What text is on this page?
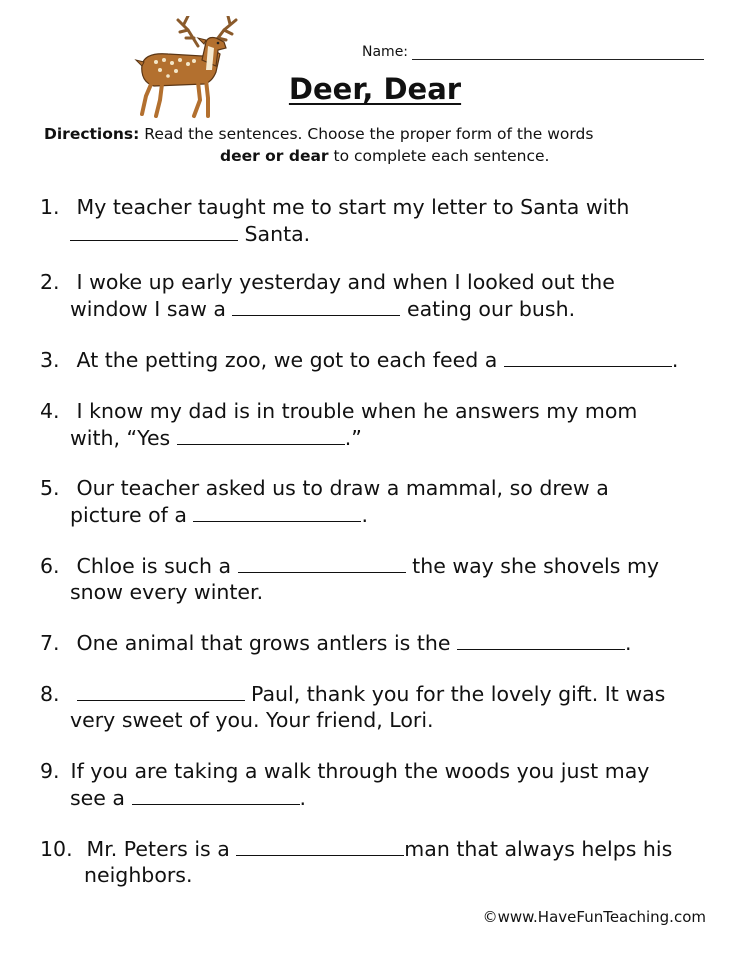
Name:
Deer, Dear
Directions: Read the sentences. Choose the proper form of the words
deer or dear to complete each sentence.
1. My teacher taught me to start my letter to Santa with
Santa.
2. I woke up early yesterday and when I looked out the
window I saw a	eating our bush.
3. At the petting zoo, we got to each feed a	.
4. I know my dad is in trouble when he answers my mom
with, “Yes	.”
5. Our teacher asked us to draw a mammal, so drew a
picture of a	.
6. Chloe is such a	the way she shovels my
snow every winter.
7. One animal that grows antlers is the	.
8.	Paul, thank you for the lovely gift. It was
very sweet of you. Your friend, Lori.
9. If you are taking a walk through the woods you just may
see a	.
10. Mr. Peters is a	man that always helps his
neighbors.
©www.HaveFunTeaching.com
